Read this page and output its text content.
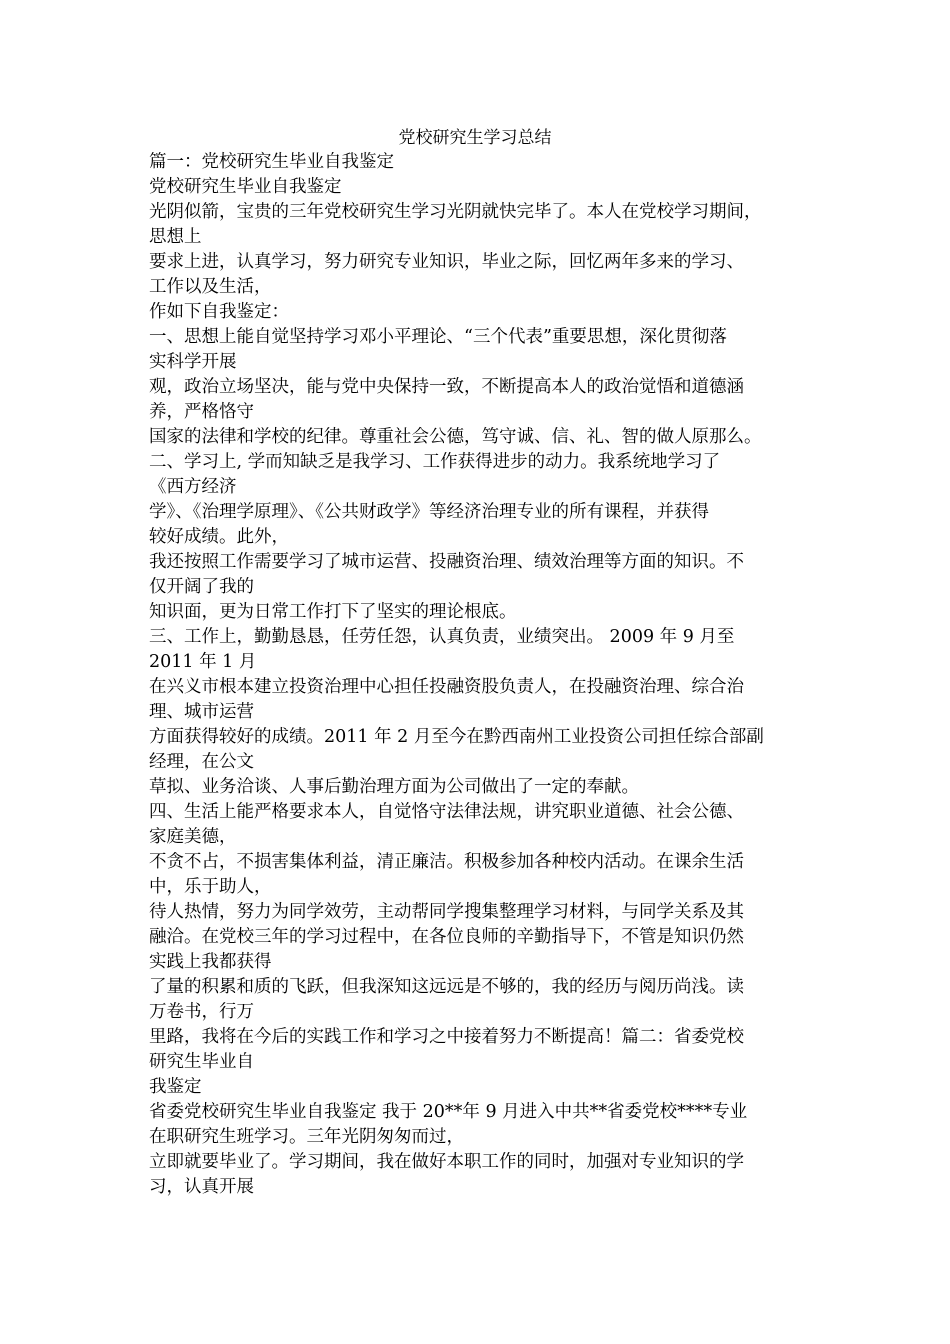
党校研究生学习总结
篇一：党校研究生毕业自我鉴定
党校研究生毕业自我鉴定
光阴似箭，宝贵的三年党校研究生学习光阴就快完毕了。本人在党校学习期间，
思想上
要求上进，认真学习，努力研究专业知识，毕业之际，回忆两年多来的学习、
工作以及生活，
作如下自我鉴定：
一、思想上能自觉坚持学习邓小平理论、“三个代表”重要思想，深化贯彻落
实科学开展
观，政治立场坚决，能与党中央保持一致，不断提高本人的政治觉悟和道德涵
养，严格恪守
国家的法律和学校的纪律。尊重社会公德，笃守诚、信、礼、智的做人原那么。
二、学习上, 学而知缺乏是我学习、工作获得进步的动力。我系统地学习了
《西方经济
学》、《治理学原理》、《公共财政学》等经济治理专业的所有课程，并获得
较好成绩。此外，
我还按照工作需要学习了城市运营、投融资治理、绩效治理等方面的知识。不
仅开阔了我的
知识面，更为日常工作打下了坚实的理论根底。
三、工作上，勤勤恳恳，任劳任怨，认真负责，业绩突出。 2009 年 9 月至
2011 年 1 月
在兴义市根本建立投资治理中心担任投融资股负责人，在投融资治理、综合治
理、城市运营
方面获得较好的成绩。2011 年 2 月至今在黔西南州工业投资公司担任综合部副
经理，在公文
草拟、业务洽谈、人事后勤治理方面为公司做出了一定的奉献。
四、生活上能严格要求本人，自觉恪守法律法规，讲究职业道德、社会公德、
家庭美德，
不贪不占，不损害集体利益，清正廉洁。积极参加各种校内活动。在课余生活
中，乐于助人，
待人热情，努力为同学效劳，主动帮同学搜集整理学习材料，与同学关系及其
融洽。在党校三年的学习过程中，在各位良师的辛勤指导下，不管是知识仍然
实践上我都获得
了量的积累和质的飞跃，但我深知这远远是不够的，我的经历与阅历尚浅。读
万卷书，行万
里路，我将在今后的实践工作和学习之中接着努力不断提高！篇二：省委党校
研究生毕业自
我鉴定
省委党校研究生毕业自我鉴定 我于 20**年 9 月进入中共**省委党校****专业
在职研究生班学习。三年光阴匆匆而过，
立即就要毕业了。学习期间，我在做好本职工作的同时，加强对专业知识的学
习，认真开展
